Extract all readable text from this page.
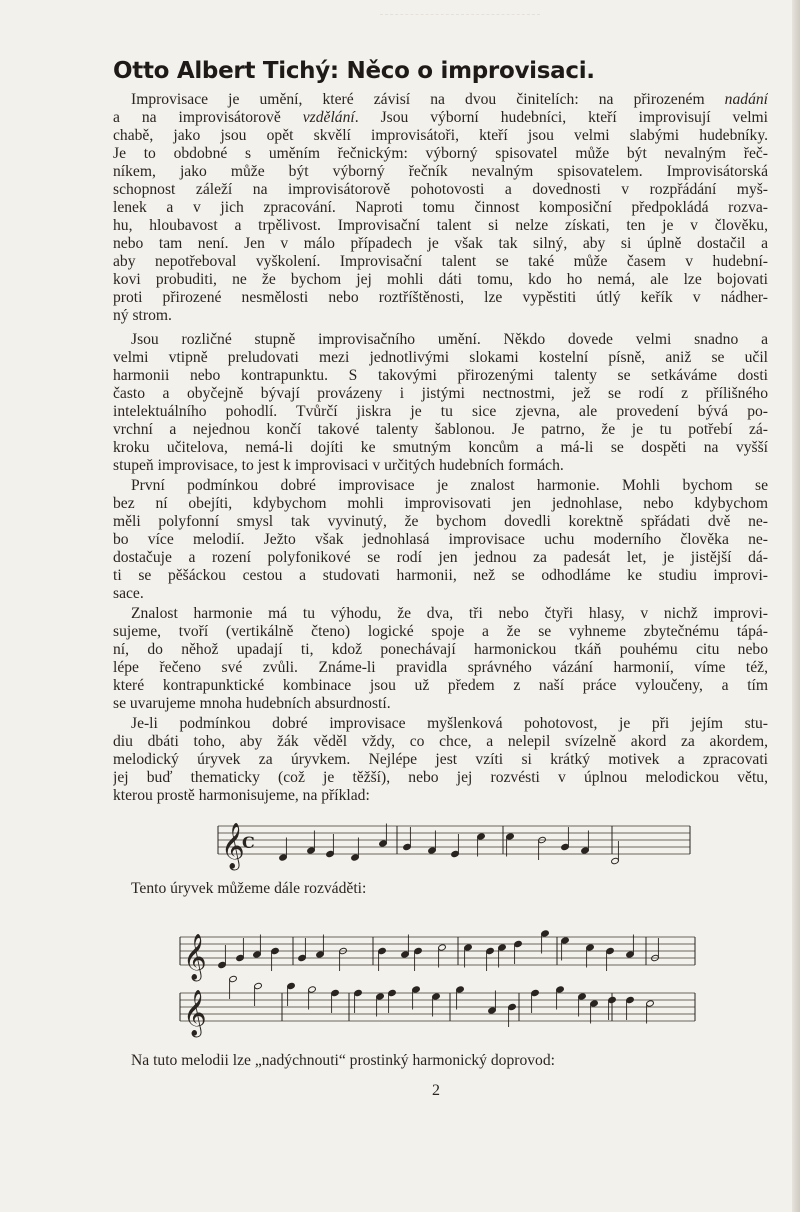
Otto Albert Tichý: Něco o improvisaci.
Improvisace je umění, které závisí na dvou činitelích: na přirozeném nadání
a na improvisátorově vzdělání. Jsou výborní hudebníci, kteří improvisují velmi
chabě, jako jsou opět skvělí improvisátoři, kteří jsou velmi slabými hudebníky.
Je to obdobné s uměním řečnickým: výborný spisovatel může být nevalným řeč-
níkem, jako může být výborný řečník nevalným spisovatelem. Improvisátorská
schopnost záleží na improvisátorově pohotovosti a dovednosti v rozpřádání myš-
lenek a v jich zpracování. Naproti tomu činnost komposiční předpokládá rozva-
hu, hloubavost a trpělivost. Improvisační talent si nelze získati, ten je v člověku,
nebo tam není. Jen v málo případech je však tak silný, aby si úplně dostačil a
aby nepotřeboval vyškolení. Improvisační talent se také může časem v hudební-
kovi probuditi, ne že bychom jej mohli dáti tomu, kdo ho nemá, ale lze bojovati
proti přirozené nesmělosti nebo roztříštěnosti, lze vypěstiti útlý keřík v nádher-
ný strom.
Jsou rozličné stupně improvisačního umění. Někdo dovede velmi snadno a
velmi vtipně preludovati mezi jednotlivými slokami kostelní písně, aniž se učil
harmonii nebo kontrapunktu. S takovými přirozenými talenty se setkáváme dosti
často a obyčejně bývají provázeny i jistými nectnostmi, jež se rodí z přílišného
intelektuálního pohodlí. Tvůrčí jiskra je tu sice zjevna, ale provedení bývá po-
vrchní a nejednou končí takové talenty šablonou. Je patrno, že je tu potřebí zá-
kroku učitelova, nemá-li dojíti ke smutným koncům a má-li se dospěti na vyšší
stupeň improvisace, to jest k improvisaci v určitých hudebních formách.
První podmínkou dobré improvisace je znalost harmonie. Mohli bychom se
bez ní obejíti, kdybychom mohli improvisovati jen jednohlase, nebo kdybychom
měli polyfonní smysl tak vyvinutý, že bychom dovedli korektně spřádati dvě ne-
bo více melodií. Ježto však jednohlasá improvisace uchu moderního člověka ne-
dostačuje a rození polyfonikové se rodí jen jednou za padesát let, je jistější dá-
ti se pěšáckou cestou a studovati harmonii, než se odhodláme ke studiu improvi-
sace.
Znalost harmonie má tu výhodu, že dva, tři nebo čtyři hlasy, v nichž improvi-
sujeme, tvoří (vertikálně čteno) logické spoje a že se vyhneme zbytečnému tápá-
ní, do něhož upadají ti, kdož ponechávají harmonickou tkáň pouhému citu nebo
lépe řečeno své zvůli. Známe-li pravidla správného vázání harmonií, víme též,
které kontrapunktické kombinace jsou už předem z naší práce vyloučeny, a tím
se uvarujeme mnoha hudebních absurdností.
Je-li podmínkou dobré improvisace myšlenková pohotovost, je při jejím stu-
diu dbáti toho, aby žák věděl vždy, co chce, a nelepil svízelně akord za akordem,
melodický úryvek za úryvkem. Nejlépe jest vzíti si krátký motivek a zpracovati
jej buď thematicky (což je těžší), nebo jej rozvésti v úplnou melodickou větu,
kterou prostě harmonisujeme, na příklad:
𝄞
C
𝄞
𝄞
Tento úryvek můžeme dále rozváděti:
Na tuto melodii lze „nadýchnouti“ prostinký harmonický doprovod:
2
